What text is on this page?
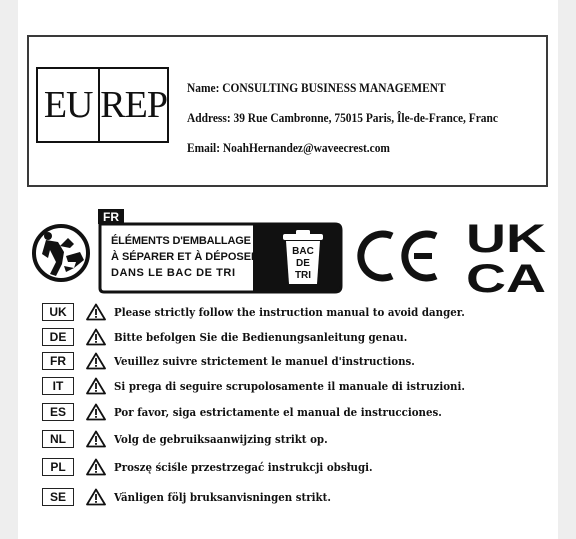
EU REP Name: CONSULTING BUSINESS MANAGEMENT
Address: 39 Rue Cambronne, 75015 Paris, Île-de-France, Franc
Email: NoahHernandez@waveecrest.com
FR
ÉLÉMENTS D'EMBALLAGE
À SÉPARER ET À DÉPOSER
DANS LE BAC DE TRI
BAC
DE
TRI
UK
CA
UK	Please strictly follow the instruction manual to avoid danger.
DE	Bitte befolgen Sie die Bedienungsanleitung genau.
FR	Veuillez suivre strictement le manuel d'instructions.
IT	Si prega di seguire scrupolosamente il manuale di istruzioni.
ES	Por favor, siga estrictamente el manual de instrucciones.
NL	Volg de gebruiksaanwijzing strikt op.
PL	Proszę ściśle przestrzegać instrukcji obsługi.
SE	Vänligen följ bruksanvisningen strikt.
